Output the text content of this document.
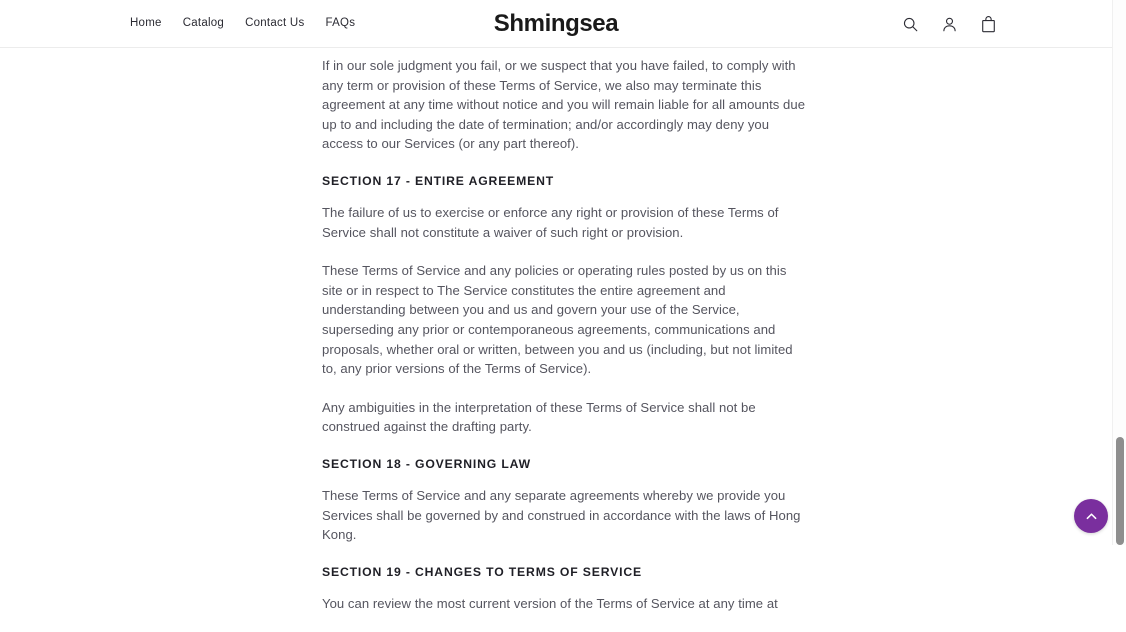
Home Catalog Contact Us FAQs	Shmingsea

If in our sole judgment you fail, or we suspect that you have failed, to comply with any term or provision of these Terms of Service, we also may terminate this agreement at any time without notice and you will remain liable for all amounts due up to and including the date of termination; and/or accordingly may deny you access to our Services (or any part thereof).

SECTION 17 - ENTIRE AGREEMENT

The failure of us to exercise or enforce any right or provision of these Terms of Service shall not constitute a waiver of such right or provision.

These Terms of Service and any policies or operating rules posted by us on this site or in respect to The Service constitutes the entire agreement and understanding between you and us and govern your use of the Service, superseding any prior or contemporaneous agreements, communications and proposals, whether oral or written, between you and us (including, but not limited to, any prior versions of the Terms of Service).

Any ambiguities in the interpretation of these Terms of Service shall not be construed against the drafting party.

SECTION 18 - GOVERNING LAW

These Terms of Service and any separate agreements whereby we provide you Services shall be governed by and construed in accordance with the laws of Hong Kong.

SECTION 19 - CHANGES TO TERMS OF SERVICE

You can review the most current version of the Terms of Service at any time at
